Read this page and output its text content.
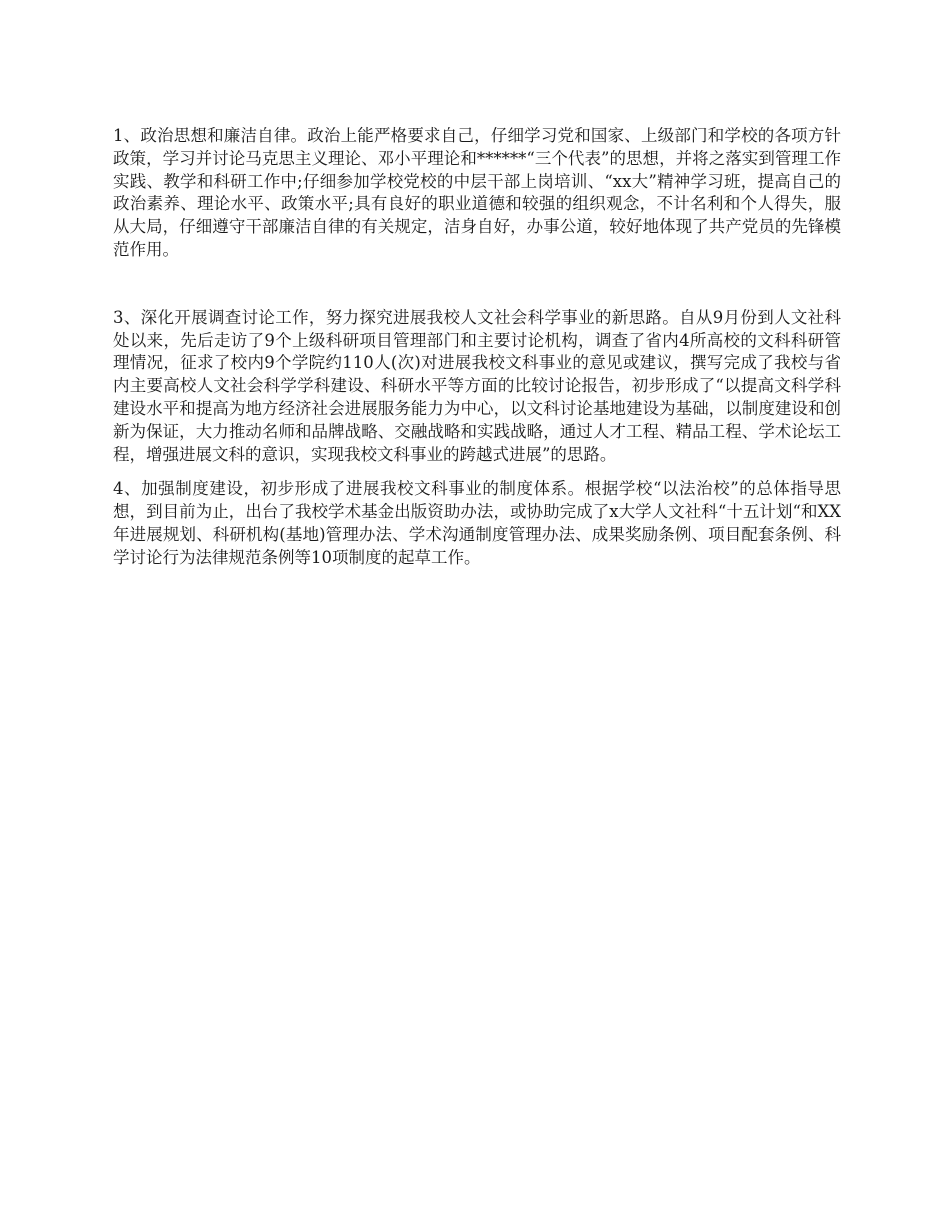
1、政治思想和廉洁自律。政治上能严格要求自己，仔细学习党和国家、上级部门和学校的各项方针政策，学习并讨论马克思主义理论、邓小平理论和******“三个代表”的思想，并将之落实到管理工作实践、教学和科研工作中;仔细参加学校党校的中层干部上岗培训、“xx大”精神学习班，提高自己的政治素养、理论水平、政策水平;具有良好的职业道德和较强的组织观念，不计名利和个人得失，服从大局，仔细遵守干部廉洁自律的有关规定，洁身自好，办事公道，较好地体现了共产党员的先锋模范作用。

3、深化开展调查讨论工作，努力探究进展我校人文社会科学事业的新思路。自从9月份到人文社科处以来，先后走访了9个上级科研项目管理部门和主要讨论机构，调查了省内4所高校的文科科研管理情况，征求了校内9个学院约110人(次)对进展我校文科事业的意见或建议，撰写完成了我校与省内主要高校人文社会科学学科建设、科研水平等方面的比较讨论报告，初步形成了“以提高文科学科建设水平和提高为地方经济社会进展服务能力为中心，以文科讨论基地建设为基础，以制度建设和创新为保证，大力推动名师和品牌战略、交融战略和实践战略，通过人才工程、精品工程、学术论坛工程，增强进展文科的意识，实现我校文科事业的跨越式进展”的思路。

4、加强制度建设，初步形成了进展我校文科事业的制度体系。根据学校“以法治校”的总体指导思想，到目前为止，出台了我校学术基金出版资助办法，或协助完成了x大学人文社科“十五计划“和XX年进展规划、科研机构(基地)管理办法、学术沟通制度管理办法、成果奖励条例、项目配套条例、科学讨论行为法律规范条例等10项制度的起草工作。
